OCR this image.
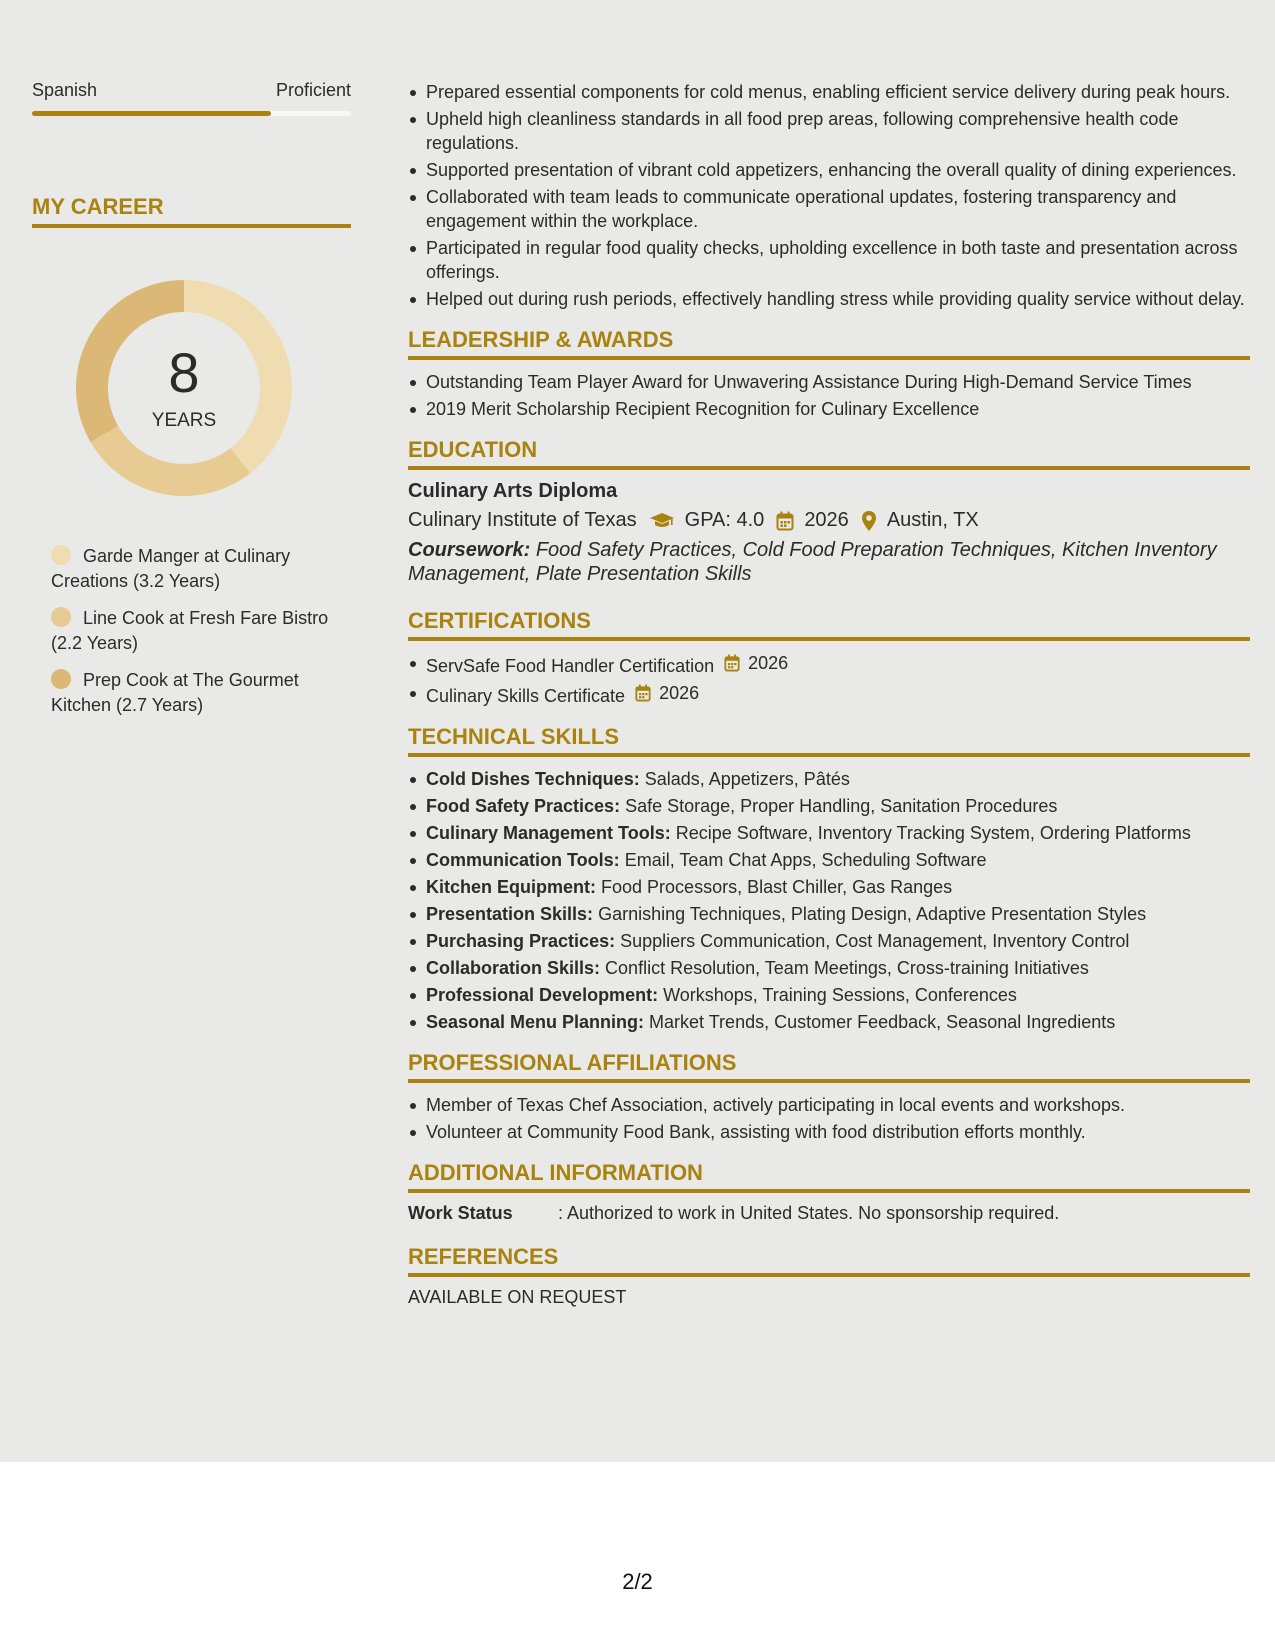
Spanish	Proficient
MY CAREER
8
YEARS
Garde Manger at Culinary Creations (3.2 Years)
Line Cook at Fresh Fare Bistro (2.2 Years)
Prep Cook at The Gourmet Kitchen (2.7 Years)
Prepared essential components for cold menus, enabling efficient service delivery during peak hours.
Upheld high cleanliness standards in all food prep areas, following comprehensive health code regulations.
Supported presentation of vibrant cold appetizers, enhancing the overall quality of dining experiences.
Collaborated with team leads to communicate operational updates, fostering transparency and engagement within the workplace.
Participated in regular food quality checks, upholding excellence in both taste and presentation across offerings.
Helped out during rush periods, effectively handling stress while providing quality service without delay.
LEADERSHIP & AWARDS
Outstanding Team Player Award for Unwavering Assistance During High-Demand Service Times
2019 Merit Scholarship Recipient Recognition for Culinary Excellence
EDUCATION
Culinary Arts Diploma
Culinary Institute of Texas GPA: 4.0 2026 Austin, TX
Coursework: Food Safety Practices, Cold Food Preparation Techniques, Kitchen Inventory Management, Plate Presentation Skills
CERTIFICATIONS
ServSafe Food Handler Certification 2026
Culinary Skills Certificate 2026
TECHNICAL SKILLS
Cold Dishes Techniques: Salads, Appetizers, Pâtés
Food Safety Practices: Safe Storage, Proper Handling, Sanitation Procedures
Culinary Management Tools: Recipe Software, Inventory Tracking System, Ordering Platforms
Communication Tools: Email, Team Chat Apps, Scheduling Software
Kitchen Equipment: Food Processors, Blast Chiller, Gas Ranges
Presentation Skills: Garnishing Techniques, Plating Design, Adaptive Presentation Styles
Purchasing Practices: Suppliers Communication, Cost Management, Inventory Control
Collaboration Skills: Conflict Resolution, Team Meetings, Cross-training Initiatives
Professional Development: Workshops, Training Sessions, Conferences
Seasonal Menu Planning: Market Trends, Customer Feedback, Seasonal Ingredients
PROFESSIONAL AFFILIATIONS
Member of Texas Chef Association, actively participating in local events and workshops.
Volunteer at Community Food Bank, assisting with food distribution efforts monthly.
ADDITIONAL INFORMATION
Work Status	: Authorized to work in United States. No sponsorship required.
REFERENCES
AVAILABLE ON REQUEST
2/2
